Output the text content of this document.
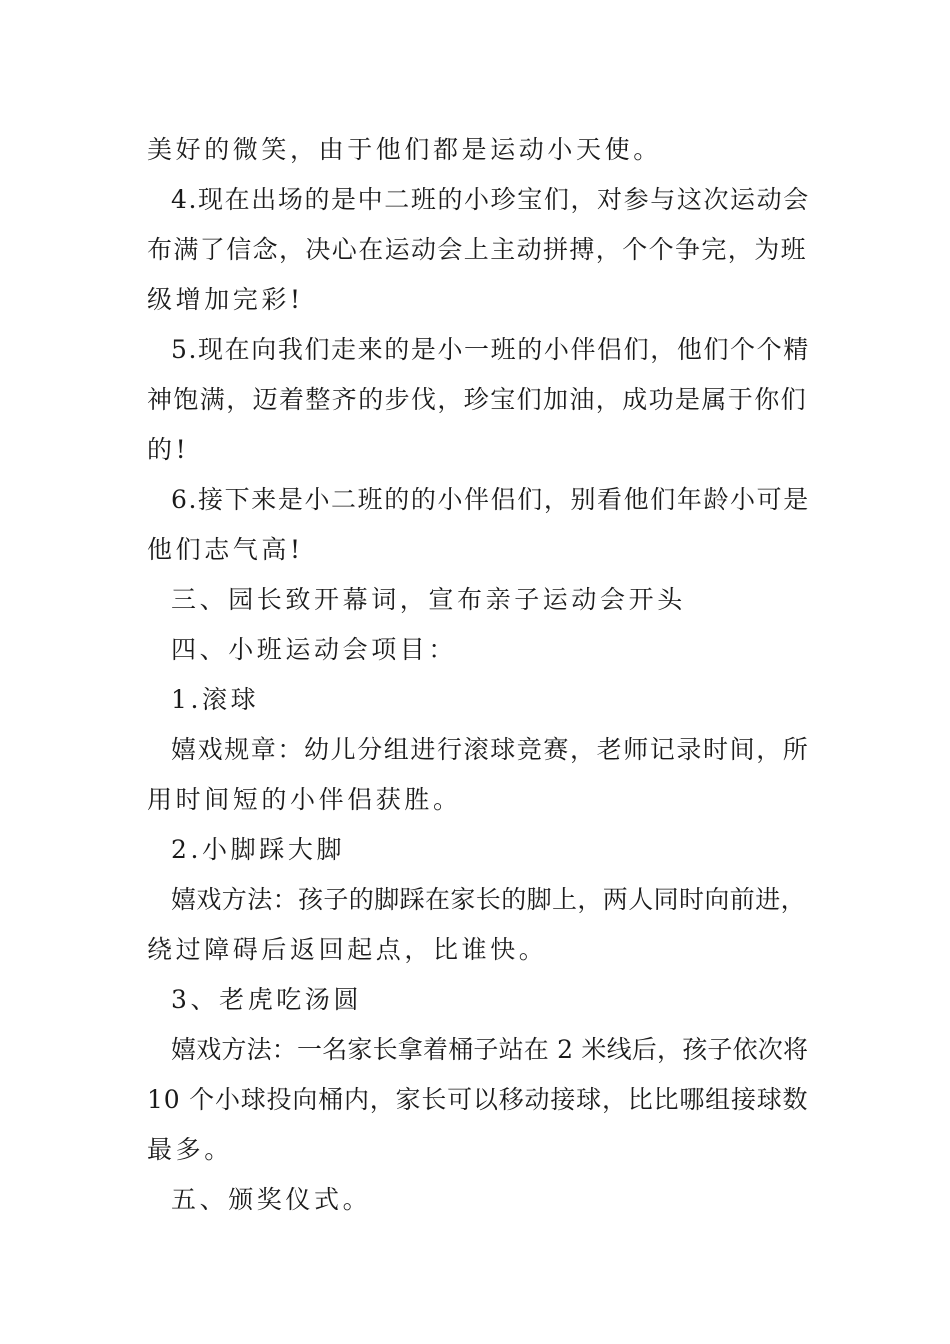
美好的微笑，由于他们都是运动小天使。
4.现在出场的是中二班的小珍宝们，对参与这次运动会
布满了信念，决心在运动会上主动拼搏，个个争完，为班
级增加完彩!
5.现在向我们走来的是小一班的小伴侣们，他们个个精
神饱满，迈着整齐的步伐，珍宝们加油，成功是属于你们
的!
6.接下来是小二班的的小伴侣们，别看他们年龄小可是
他们志气高!
三、园长致开幕词，宣布亲子运动会开头
四、小班运动会项目：
1.滚球
嬉戏规章：幼儿分组进行滚球竞赛，老师记录时间，所
用时间短的小伴侣获胜。
2.小脚踩大脚
嬉戏方法：孩子的脚踩在家长的脚上，两人同时向前进，
绕过障碍后返回起点，比谁快。
3、老虎吃汤圆
嬉戏方法：一名家长拿着桶子站在 2 米线后，孩子依次将
10 个小球投向桶内，家长可以移动接球，比比哪组接球数
最多。
五、颁奖仪式。
